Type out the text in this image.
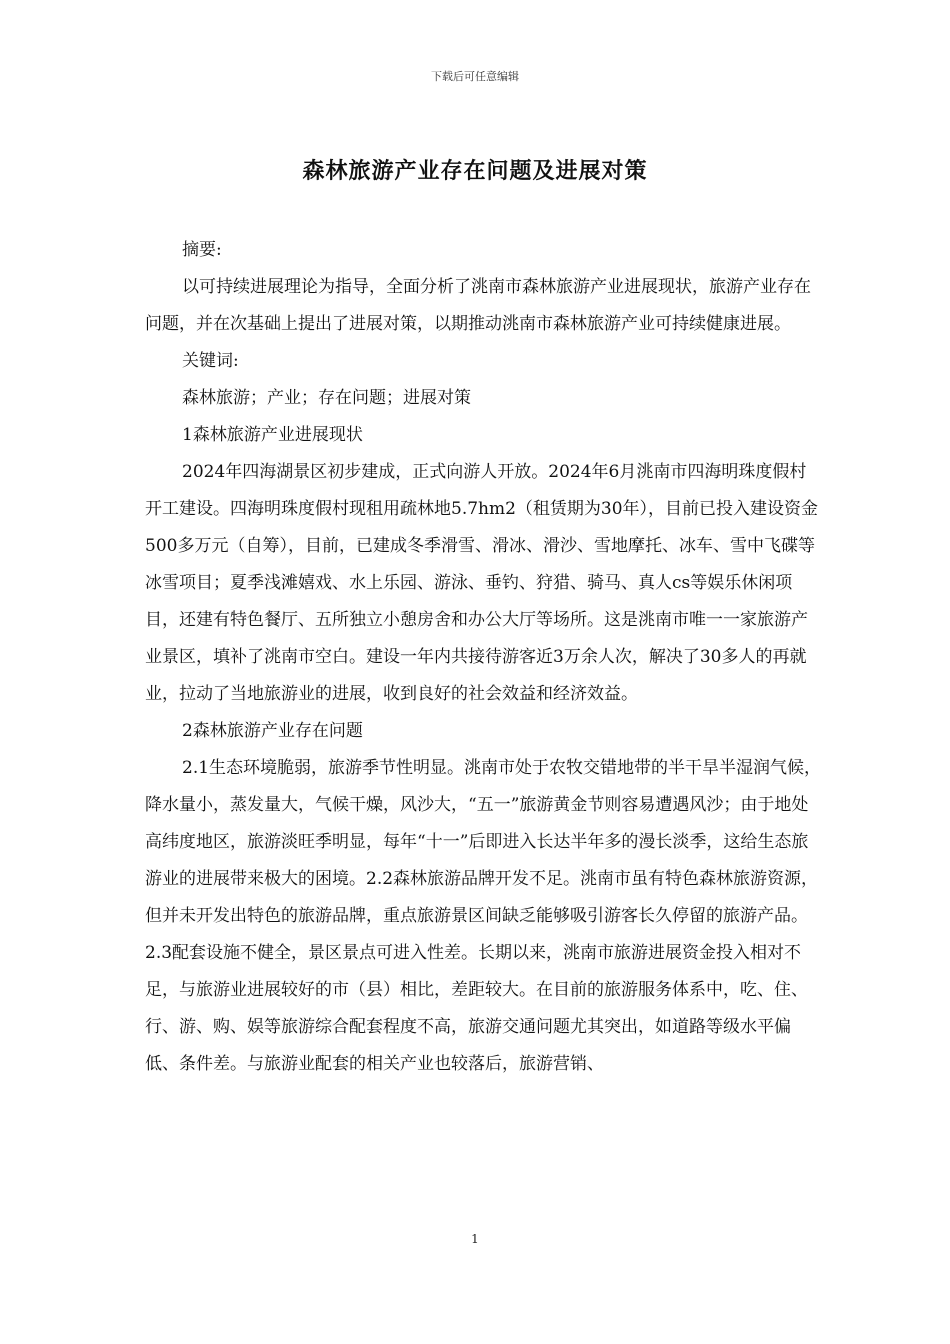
下载后可任意编辑
森林旅游产业存在问题及进展对策

摘要:

以可持续进展理论为指导，全面分析了洮南市森林旅游产业进展现状，旅游产业存在问题，并在次基础上提出了进展对策，以期推动洮南市森林旅游产业可持续健康进展。

关键词:

森林旅游；产业；存在问题；进展对策

1森林旅游产业进展现状

2024年四海湖景区初步建成，正式向游人开放。2024年6月洮南市四海明珠度假村开工建设。四海明珠度假村现租用疏林地5.7hm2（租赁期为30年），目前已投入建设资金500多万元（自筹），目前，已建成冬季滑雪、滑冰、滑沙、雪地摩托、冰车、雪中飞碟等冰雪项目；夏季浅滩嬉戏、水上乐园、游泳、垂钓、狩猎、骑马、真人cs等娱乐休闲项目，还建有特色餐厅、五所独立小憩房舍和办公大厅等场所。这是洮南市唯一一家旅游产业景区，填补了洮南市空白。建设一年内共接待游客近3万余人次，解决了30多人的再就业，拉动了当地旅游业的进展，收到良好的社会效益和经济效益。

2森林旅游产业存在问题

2.1生态环境脆弱，旅游季节性明显。洮南市处于农牧交错地带的半干旱半湿润气候，降水量小，蒸发量大，气候干燥，风沙大，“五一”旅游黄金节则容易遭遇风沙；由于地处高纬度地区，旅游淡旺季明显，每年“十一”后即进入长达半年多的漫长淡季，这给生态旅游业的进展带来极大的困境。2.2森林旅游品牌开发不足。洮南市虽有特色森林旅游资源，但并未开发出特色的旅游品牌，重点旅游景区间缺乏能够吸引游客长久停留的旅游产品。2.3配套设施不健全，景区景点可进入性差。长期以来，洮南市旅游进展资金投入相对不足，与旅游业进展较好的市（县）相比，差距较大。在目前的旅游服务体系中，吃、住、行、游、购、娱等旅游综合配套程度不高，旅游交通问题尤其突出，如道路等级水平偏低、条件差。与旅游业配套的相关产业也较落后，旅游营销、

1
